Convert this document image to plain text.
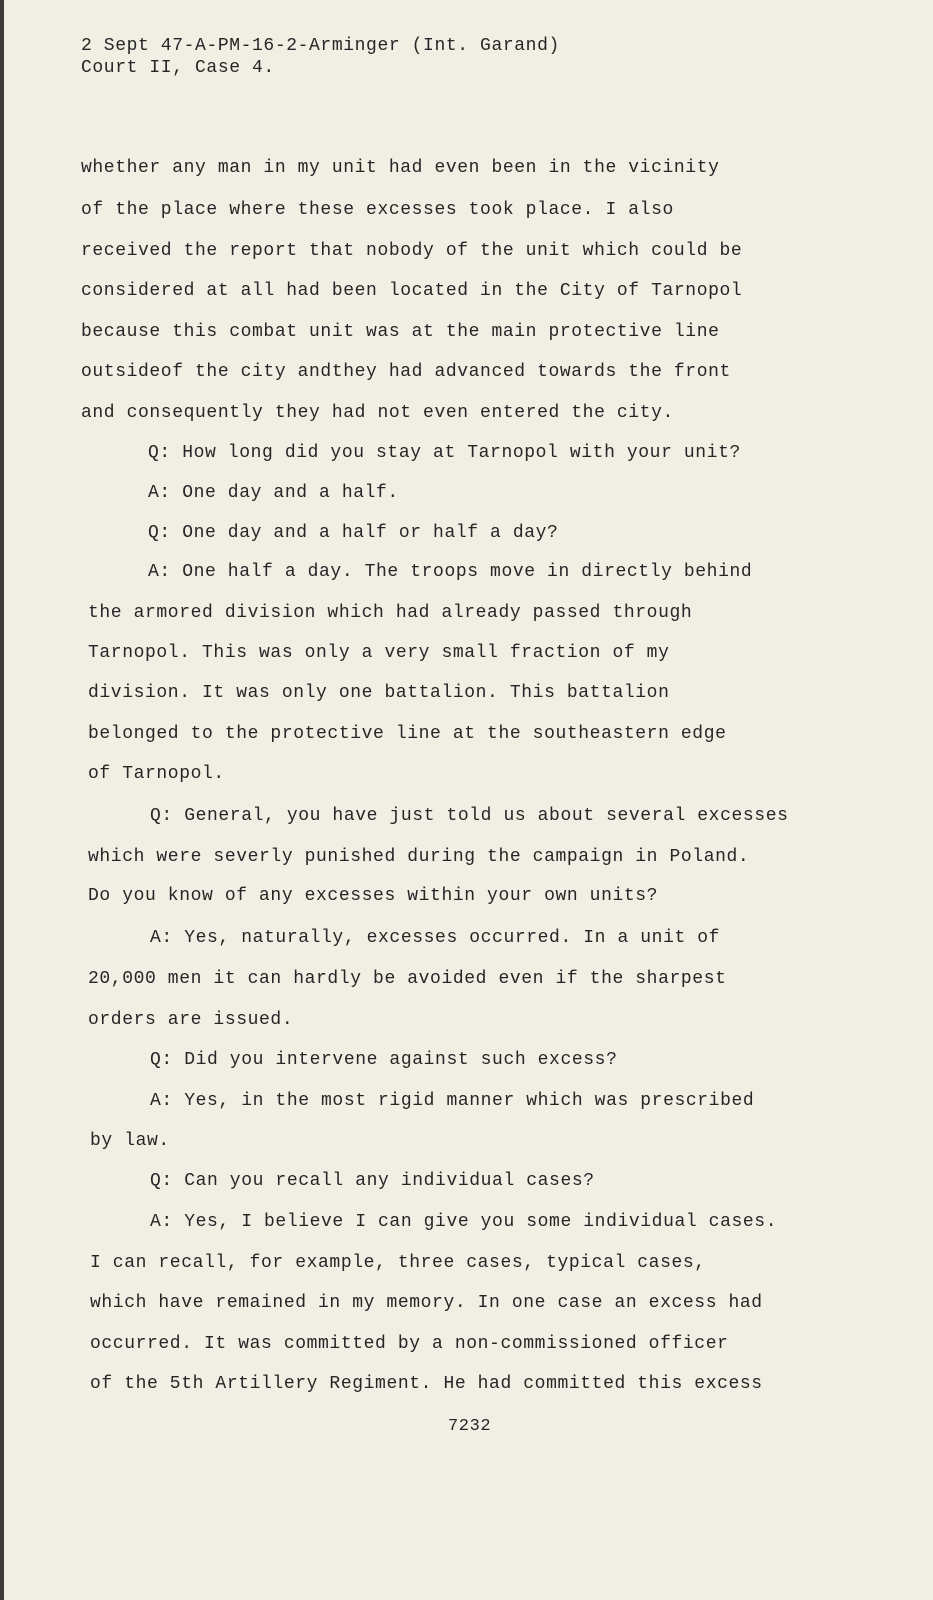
2 Sept 47-A-PM-16-2-Arminger (Int. Garand)
Court II, Case 4.
whether any man in my unit had even been in the vicinity
of the place where these excesses took place. I also
received the report that nobody of the unit which could be
considered at all had been located in the City of Tarnopol
because this combat unit was at the main protective line
outsideof the city andthey had advanced towards the front
and consequently they had not even entered the city.
Q: How long did you stay at Tarnopol with your unit?
A: One day and a half.
Q: One day and a half or half a day?
A: One half a day. The troops move in directly behind
the armored division which had already passed through
Tarnopol. This was only a very small fraction of my
division. It was only one battalion. This battalion
belonged to the protective line at the southeastern edge
of Tarnopol.
Q: General, you have just told us about several excesses
which were severly punished during the campaign in Poland.
Do you know of any excesses within your own units?
A: Yes, naturally, excesses occurred. In a unit of
20,000 men it can hardly be avoided even if the sharpest
orders are issued.
Q: Did you intervene against such excess?
A: Yes, in the most rigid manner which was prescribed
by law.
Q: Can you recall any individual cases?
A: Yes, I believe I can give you some individual cases.
I can recall, for example, three cases, typical cases,
which have remained in my memory. In one case an excess had
occurred. It was committed by a non-commissioned officer
of the 5th Artillery Regiment. He had committed this excess
7232
